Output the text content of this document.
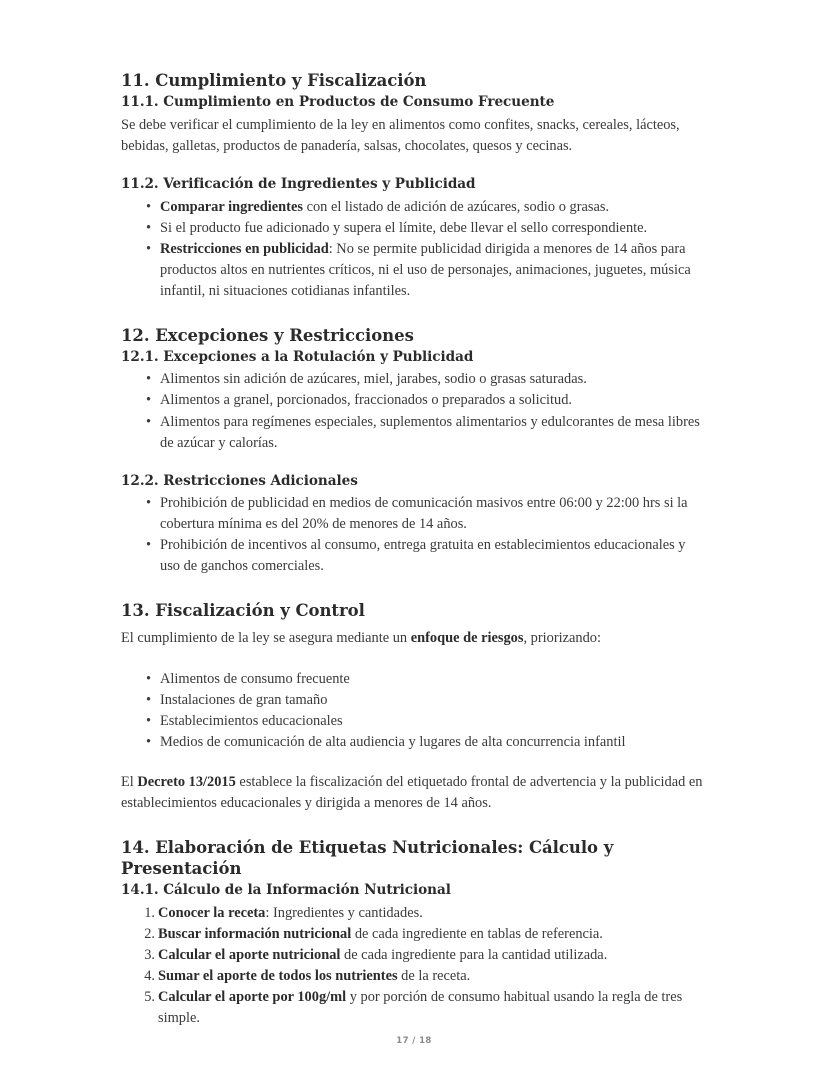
11. Cumplimiento y Fiscalización
11.1. Cumplimiento en Productos de Consumo Frecuente

Se debe verificar el cumplimiento de la ley en alimentos como confites, snacks, cereales, lácteos, bebidas, galletas, productos de panadería, salsas, chocolates, quesos y cecinas.

11.2. Verificación de Ingredientes y Publicidad
• Comparar ingredientes con el listado de adición de azúcares, sodio o grasas.
• Si el producto fue adicionado y supera el límite, debe llevar el sello correspondiente.
• Restricciones en publicidad: No se permite publicidad dirigida a menores de 14 años para productos altos en nutrientes críticos, ni el uso de personajes, animaciones, juguetes, música infantil, ni situaciones cotidianas infantiles.
12. Excepciones y Restricciones
12.1. Excepciones a la Rotulación y Publicidad
• Alimentos sin adición de azúcares, miel, jarabes, sodio o grasas saturadas.
• Alimentos a granel, porcionados, fraccionados o preparados a solicitud.
• Alimentos para regímenes especiales, suplementos alimentarios y edulcorantes de mesa libres de azúcar y calorías.
12.2. Restricciones Adicionales
• Prohibición de publicidad en medios de comunicación masivos entre 06:00 y 22:00 hrs si la cobertura mínima es del 20% de menores de 14 años.
• Prohibición de incentivos al consumo, entrega gratuita en establecimientos educacionales y uso de ganchos comerciales.
13. Fiscalización y Control

El cumplimiento de la ley se asegura mediante un enfoque de riesgos, priorizando:

• Alimentos de consumo frecuente
• Instalaciones de gran tamaño
• Establecimientos educacionales
• Medios de comunicación de alta audiencia y lugares de alta concurrencia infantil

El Decreto 13/2015 establece la fiscalización del etiquetado frontal de advertencia y la publicidad en establecimientos educacionales y dirigida a menores de 14 años.

14. Elaboración de Etiquetas Nutricionales: Cálculo y Presentación
14.1. Cálculo de la Información Nutricional
Conocer la receta: Ingredientes y cantidades.
Buscar información nutricional de cada ingrediente en tablas de referencia.
Calcular el aporte nutricional de cada ingrediente para la cantidad utilizada.
Sumar el aporte de todos los nutrientes de la receta.
Calcular el aporte por 100g/ml y por porción de consumo habitual usando la regla de tres simple.
17 / 18
